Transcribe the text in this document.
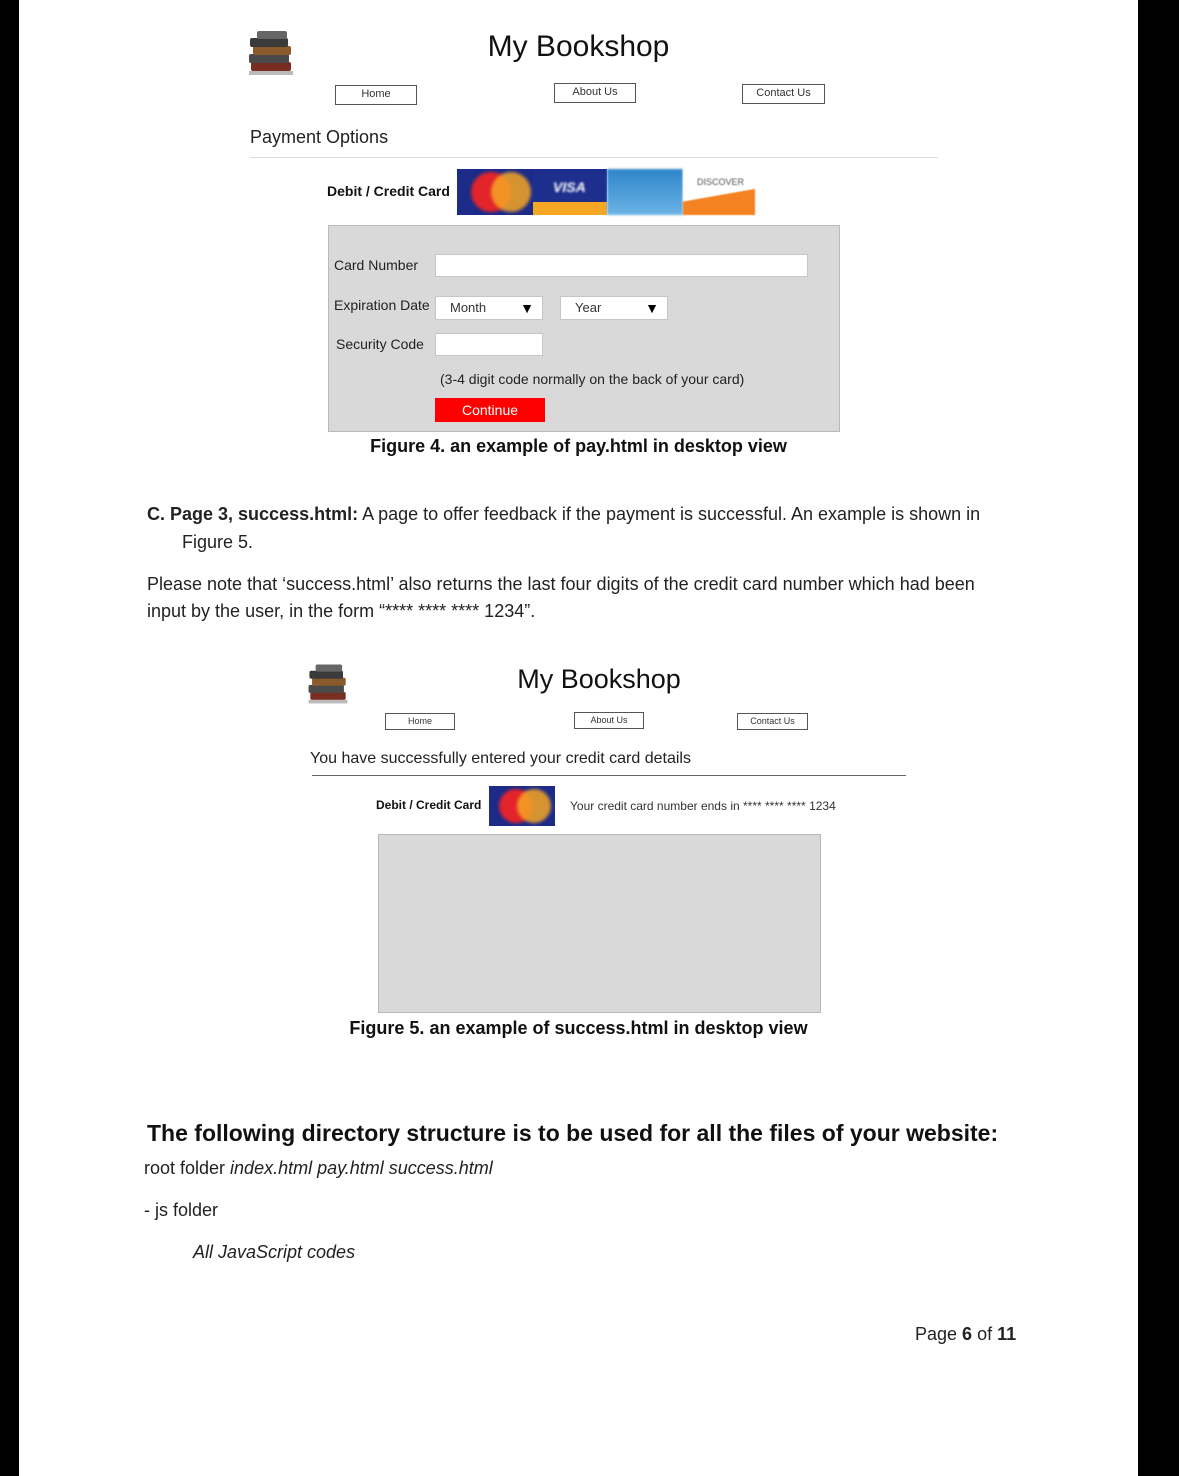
My Bookshop
Home	About Us	Contact Us
Payment Options
Debit / Credit Card	VISA	DISCOVER
Card Number
Expiration Date	Month ▼	Year	▼
Security Code
(3-4 digit code normally on the back of your card)
Continue
Figure 4. an example of pay.html in desktop view
C. Page 3, success.html: A page to offer feedback if the payment is successful. An example is shown in
Figure 5.
Please note that ‘success.html’ also returns the last four digits of the credit card number which had been
input by the user, in the form “**** **** **** 1234”.
My Bookshop
Home	About Us	Contact Us
You have successfully entered your credit card details
Debit / Credit Card	Your credit card number ends in **** **** **** 1234
Figure 5. an example of success.html in desktop view
The following directory structure is to be used for all the files of your website:
root folder index.html pay.html success.html
- js folder
All JavaScript codes
Page 6 of 11
